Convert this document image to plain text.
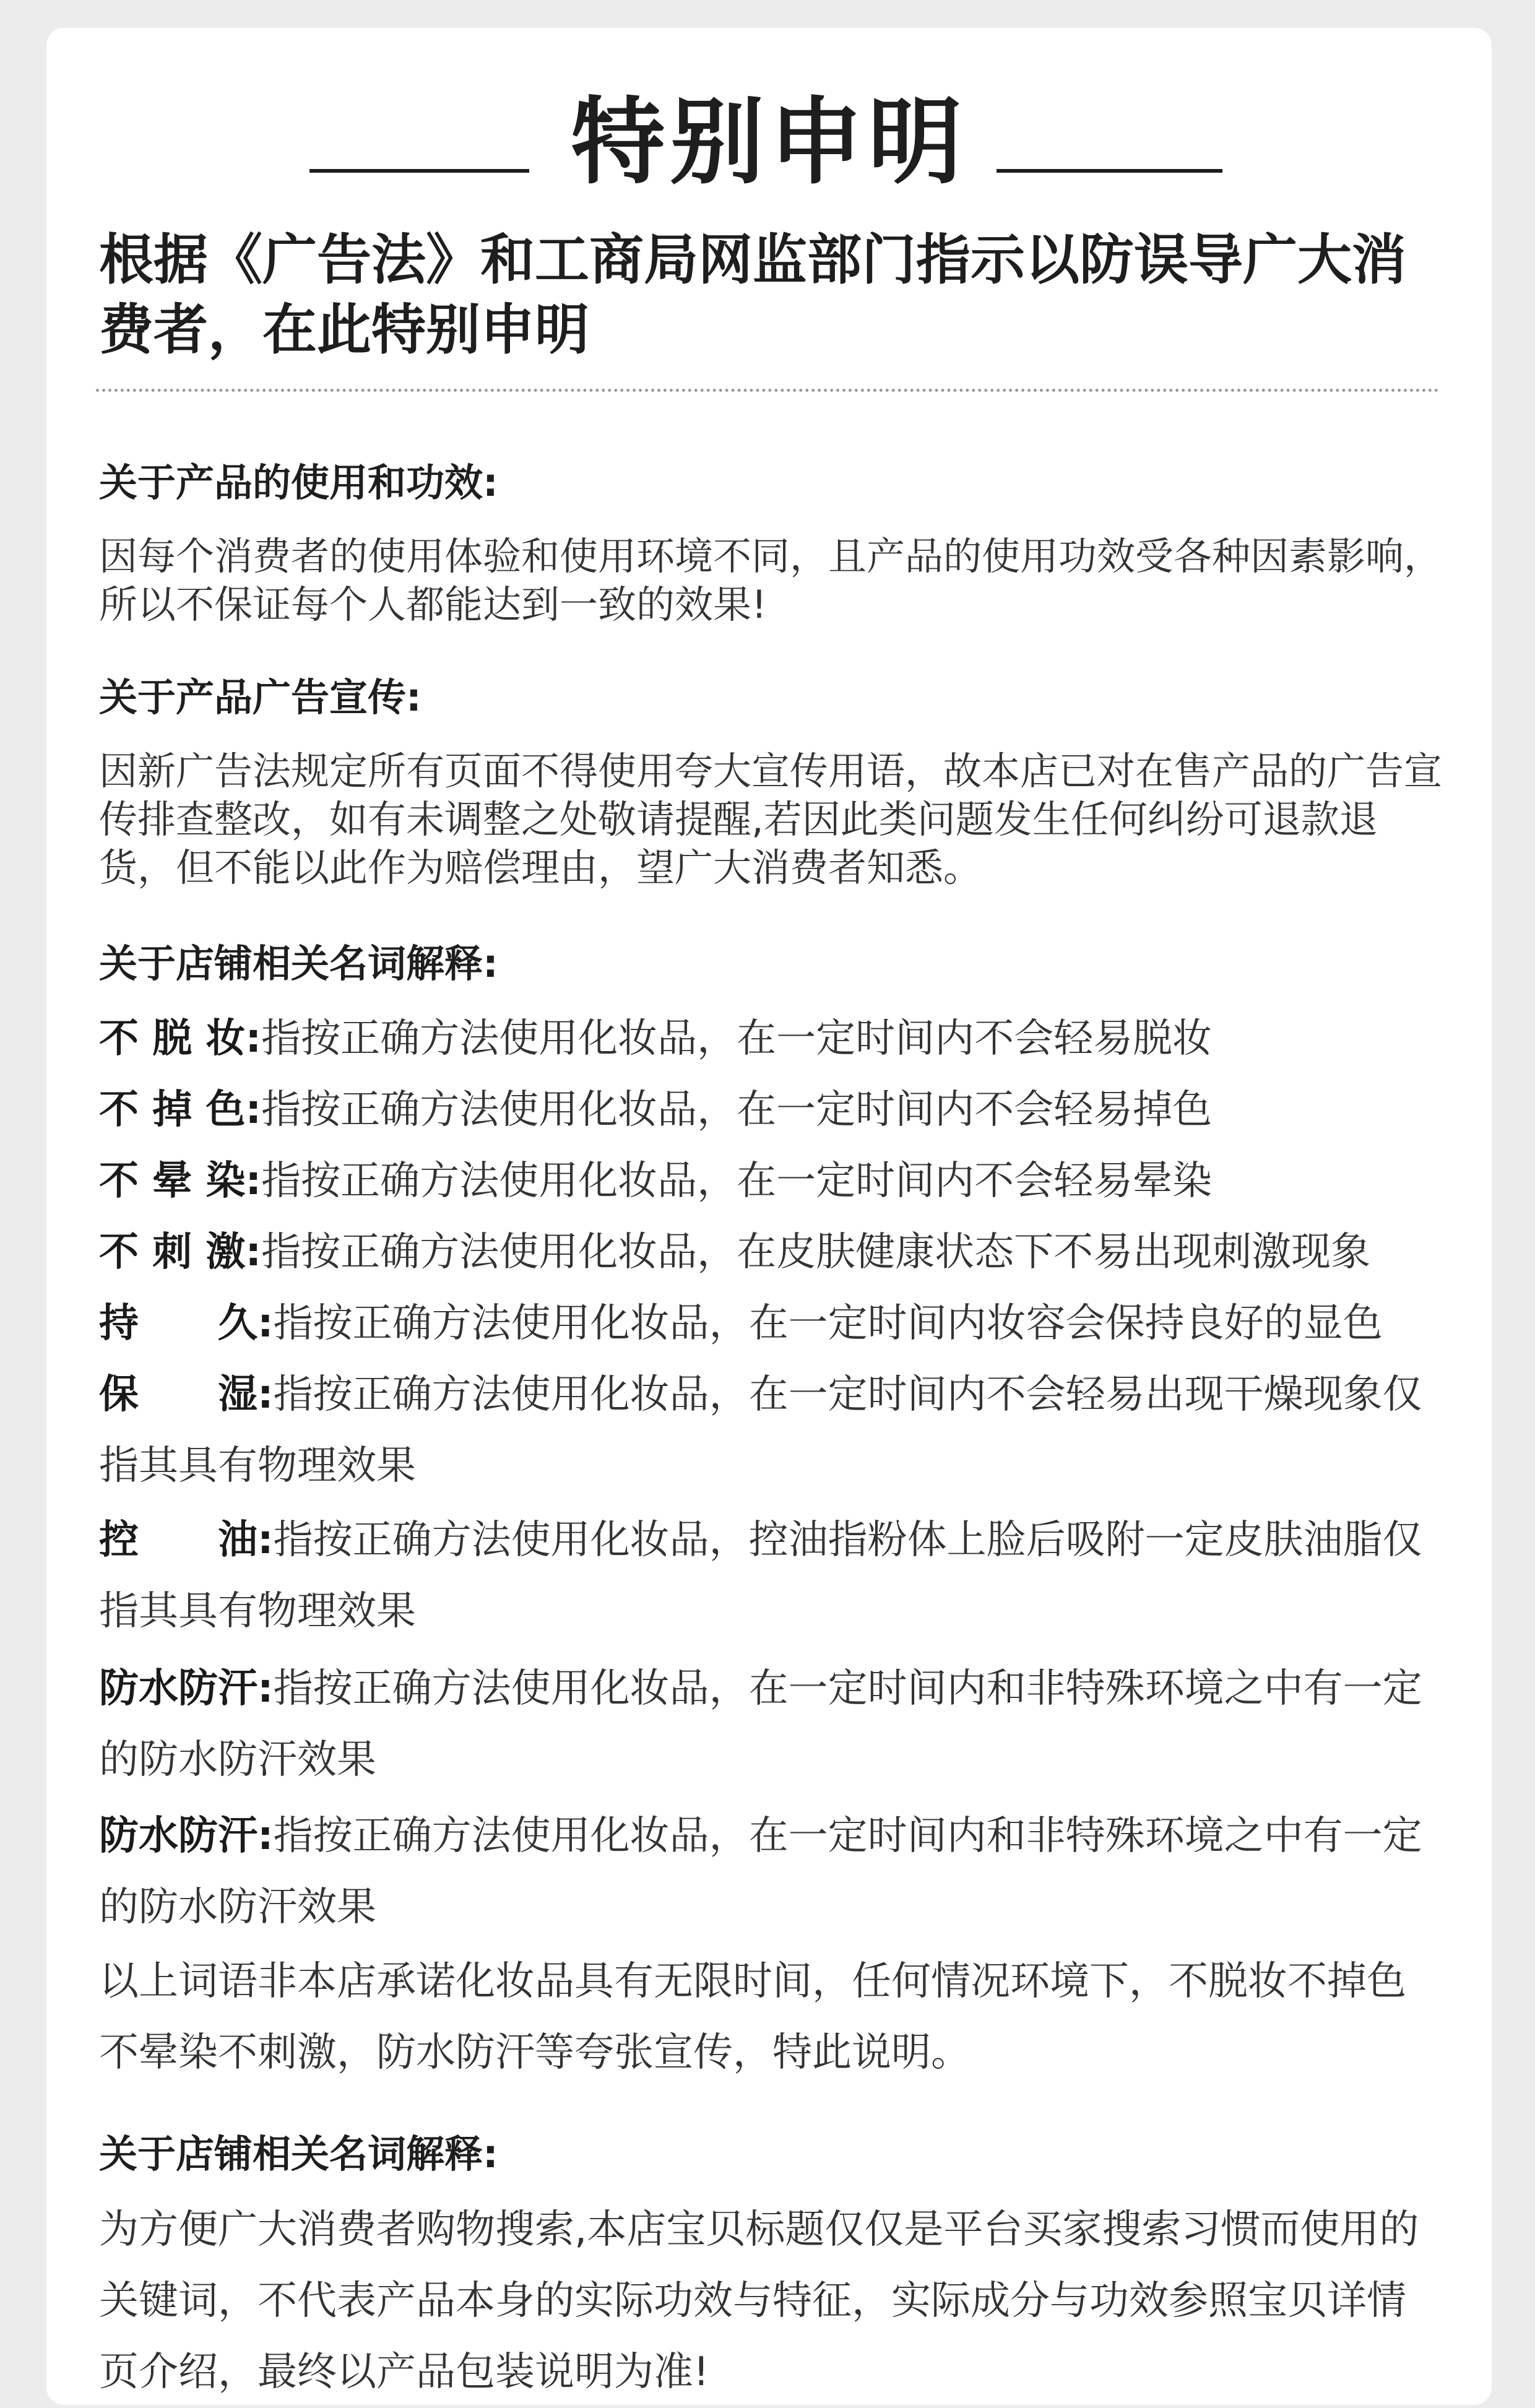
特别申明

根据《广告法》和工商局网监部门指示以防误导广大消费者，在此特别申明

关于产品的使用和功效:

因每个消费者的使用体验和使用环境不同，且产品的使用功效受各种因素影响，所以不保证每个人都能达到一致的效果!

关于产品广告宣传:

因新广告法规定所有页面不得使用夸大宣传用语，故本店已对在售产品的广告宣传排查整改，如有未调整之处敬请提醒,若因此类问题发生任何纠纷可退款退货，但不能以此作为赔偿理由，望广大消费者知悉。

关于店铺相关名词解释:

不 脱 妆:指按正确方法使用化妆品，在一定时间内不会轻易脱妆

不 掉 色:指按正确方法使用化妆品，在一定时间内不会轻易掉色

不 晕 染:指按正确方法使用化妆品，在一定时间内不会轻易晕染

不 刺 激:指按正确方法使用化妆品，在皮肤健康状态下不易出现刺激现象

持　　久:指按正确方法使用化妆品，在一定时间内妆容会保持良好的显色

保　　湿:指按正确方法使用化妆品，在一定时间内不会轻易出现干燥现象仅指其具有物理效果

控　　油:指按正确方法使用化妆品，控油指粉体上脸后吸附一定皮肤油脂仅指其具有物理效果

防水防汗:指按正确方法使用化妆品，在一定时间内和非特殊环境之中有一定的防水防汗效果

防水防汗:指按正确方法使用化妆品，在一定时间内和非特殊环境之中有一定的防水防汗效果

以上词语非本店承诺化妆品具有无限时间，任何情况环境下，不脱妆不掉色不晕染不刺激，防水防汗等夸张宣传，特此说明。

关于店铺相关名词解释:

为方便广大消费者购物搜索,本店宝贝标题仅仅是平台买家搜索习惯而使用的关键词，不代表产品本身的实际功效与特征，实际成分与功效参照宝贝详情页介绍，最终以产品包装说明为准!
